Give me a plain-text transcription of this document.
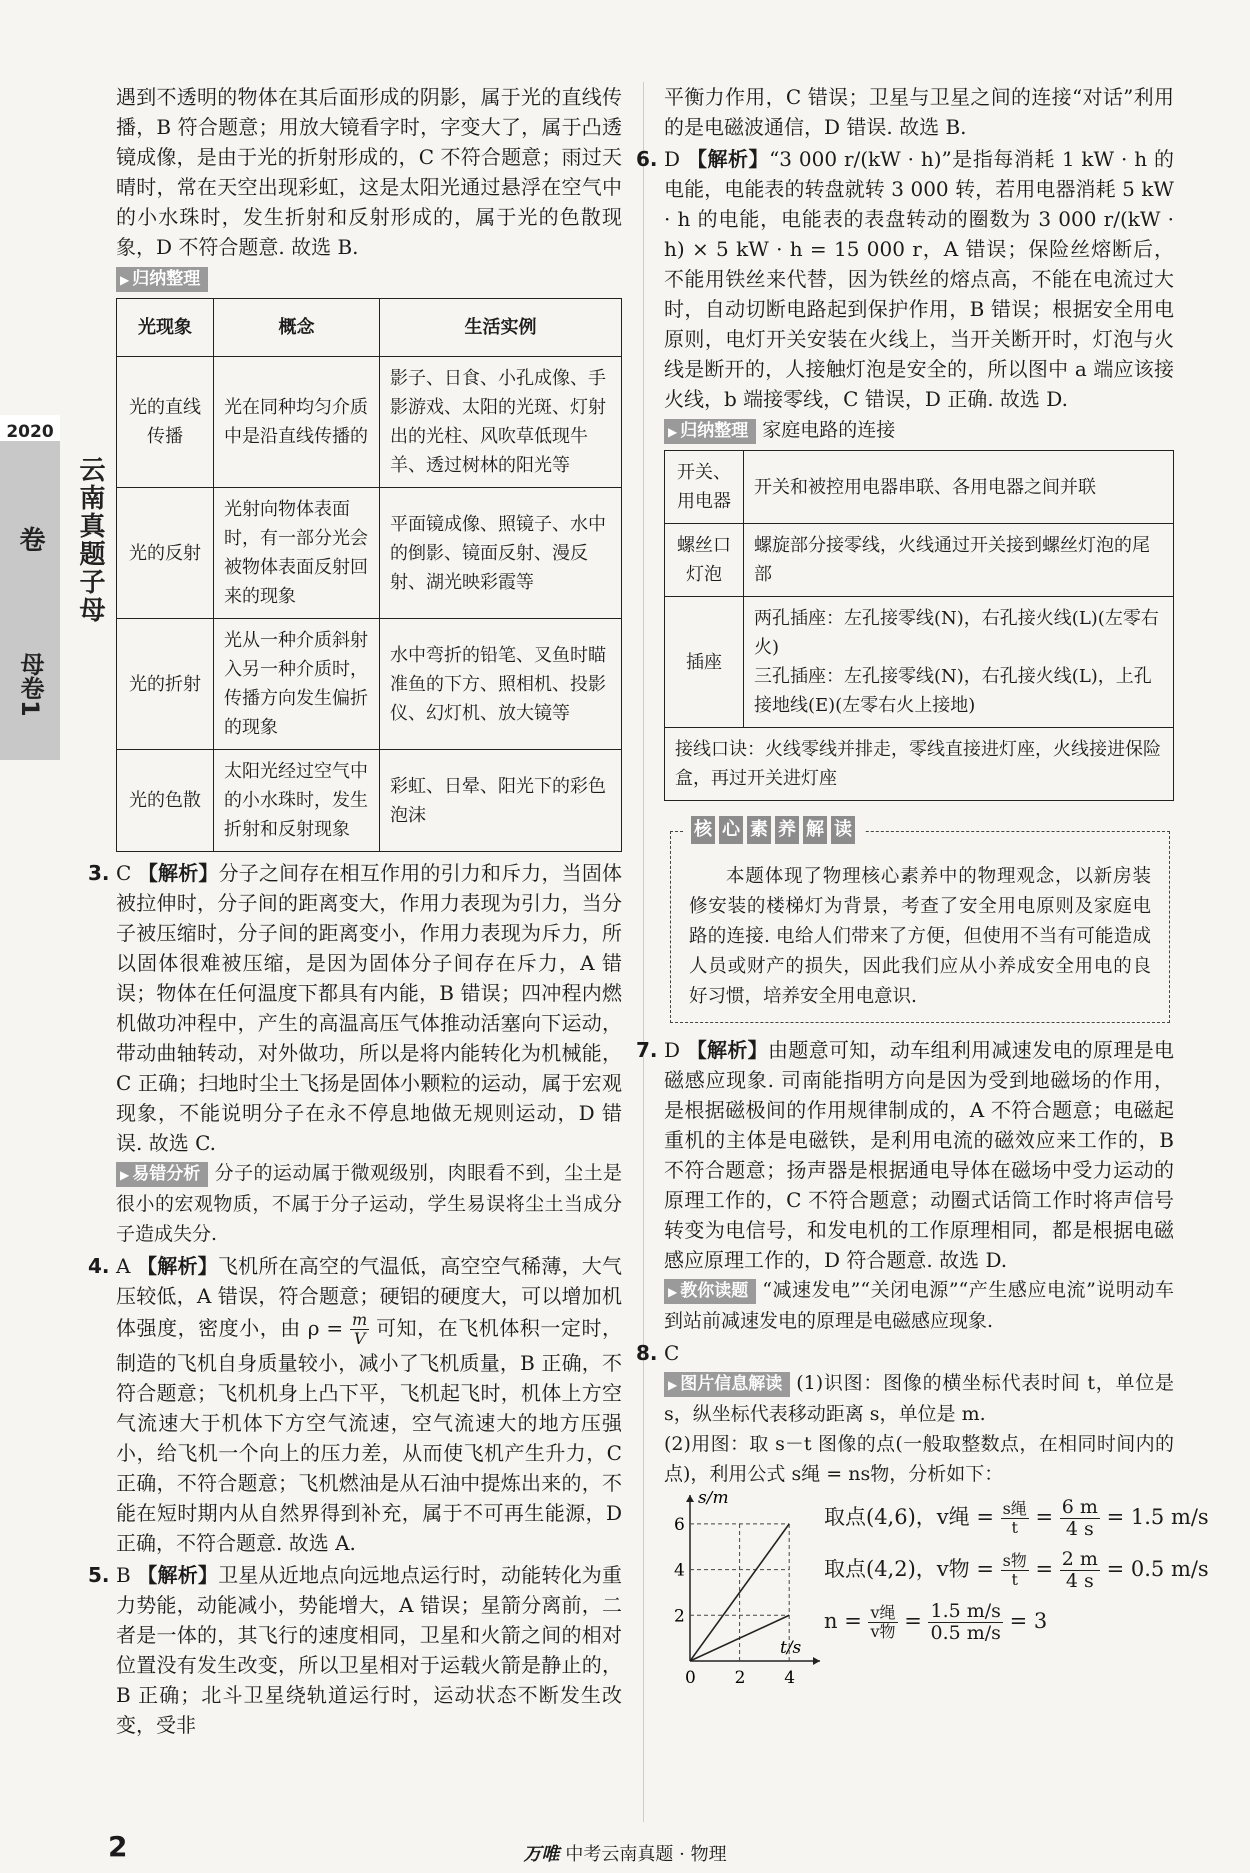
2020
云南真题子母卷
母卷1

遇到不透明的物体在其后面形成的阴影，属于光的直线传播，B 符合题意；用放大镜看字时，字变大了，属于凸透镜成像，是由于光的折射形成的，C 不符合题意；雨过天晴时，常在天空出现彩虹，这是太阳光通过悬浮在空气中的小水珠时，发生折射和反射形成的，属于光的色散现象，D 不符合题意. 故选 B.

▶ 归纳整理
光现象	概念	生活实例
光的直线传播	光在同种均匀介质中是沿直线传播的	影子、日食、小孔成像、手影游戏、太阳的光斑、灯射出的光柱、风吹草低现牛羊、透过树林的阳光等
光的反射	光射向物体表面时，有一部分光会被物体表面反射回来的现象	平面镜成像、照镜子、水中的倒影、镜面反射、漫反射、湖光映彩霞等
光的折射	光从一种介质斜射入另一种介质时，传播方向发生偏折的现象	水中弯折的铅笔、叉鱼时瞄准鱼的下方、照相机、投影仪、幻灯机、放大镜等
光的色散	太阳光经过空气中的小水珠时，发生折射和反射现象	彩虹、日晕、阳光下的彩色泡沫

3. C 【解析】分子之间存在相互作用的引力和斥力，当固体被拉伸时，分子间的距离变大，作用力表现为引力，当分子被压缩时，分子间的距离变小，作用力表现为斥力，所以固体很难被压缩，是因为固体分子间存在斥力，A 错误；物体在任何温度下都具有内能，B 错误；四冲程内燃机做功冲程中，产生的高温高压气体推动活塞向下运动，带动曲轴转动，对外做功，所以是将内能转化为机械能，C 正确；扫地时尘土飞扬是固体小颗粒的运动，属于宏观现象，不能说明分子在永不停息地做无规则运动，D 错误. 故选 C.

▶ 易错分析 分子的运动属于微观级别，肉眼看不到，尘土是很小的宏观物质，不属于分子运动，学生易误将尘土当成分子造成失分.

4. A 【解析】飞机所在高空的气温低，高空空气稀薄，大气压较低，A 错误，符合题意；硬铝的硬度大，可以增加机体强度，密度小，由 $\rho = \frac{m}{V}$ 可知，在飞机体积一定时，制造的飞机自身质量较小，减小了飞机质量，B 正确，不符合题意；飞机机身上凸下平，飞机起飞时，机体上方空气流速大于机体下方空气流速，空气流速大的地方压强小，给飞机一个向上的压力差，从而使飞机产生升力，C 正确，不符合题意；飞机燃油是从石油中提炼出来的，不能在短时期内从自然界得到补充，属于不可再生能源，D 正确，不符合题意. 故选 A.

5. B 【解析】卫星从近地点向远地点运行时，动能转化为重力势能，动能减小，势能增大，A 错误；星箭分离前，二者是一体的，其飞行的速度相同，卫星和火箭之间的相对位置没有发生改变，所以卫星相对于运载火箭是静止的，B 正确；北斗卫星绕轨道运行时，运动状态不断发生改变，受非

平衡力作用，C 错误；卫星与卫星之间的连接“对话”利用的是电磁波通信，D 错误. 故选 B.

6. D 【解析】“3 000 r/(kW · h)”是指每消耗 1 kW · h 的电能，电能表的转盘就转 3 000 转，若用电器消耗 5 kW · h 的电能，电能表的表盘转动的圈数为 3 000 r/(kW · h) × 5 kW · h = 15 000 r，A 错误；保险丝熔断后，不能用铁丝来代替，因为铁丝的熔点高，不能在电流过大时，自动切断电路起到保护作用，B 错误；根据安全用电原则，电灯开关安装在火线上，当开关断开时，灯泡与火线是断开的，人接触灯泡是安全的，所以图中 a 端应该接火线，b 端接零线，C 错误，D 正确. 故选 D.

▶ 归纳整理 家庭电路的连接
开关、用电器	开关和被控用电器串联、各用电器之间并联
螺丝口灯泡	螺旋部分接零线，火线通过开关接到螺丝灯泡的尾部
插座	两孔插座：左孔接零线(N)，右孔接火线(L)(左零右火)
三孔插座：左孔接零线(N)，右孔接火线(L)，上孔接地线(E)(左零右火上接地)

接线口诀：火线零线并排走，零线直接进灯座，火线接进保险盒，再过开关进灯座	
核 心 素 养 解 读

本题体现了物理核心素养中的物理观念，以新房装修安装的楼梯灯为背景，考查了安全用电原则及家庭电路的连接. 电给人们带来了方便，但使用不当有可能造成人员或财产的损失，因此我们应从小养成安全用电的良好习惯，培养安全用电意识.

7. D 【解析】由题意可知，动车组利用减速发电的原理是电磁感应现象. 司南能指明方向是因为受到地磁场的作用，是根据磁极间的作用规律制成的，A 不符合题意；电磁起重机的主体是电磁铁，是利用电流的磁效应来工作的，B 不符合题意；扬声器是根据通电导体在磁场中受力运动的原理工作的，C 不符合题意；动圈式话筒工作时将声信号转变为电信号，和发电机的工作原理相同，都是根据电磁感应原理工作的，D 符合题意. 故选 D.

▶ 教你读题 “减速发电”“关闭电源”“产生感应电流”说明动车到站前减速发电的原理是电磁感应现象.

8. C

▶ 图片信息解读 (1)识图：图像的横坐标代表时间 t，单位是 s，纵坐标代表移动距离 s，单位是 m.

(2)用图：取 s－t 图像的点(一般取整数点，在相同时间内的点)，利用公式 s绳 = ns物，分析如下：

s/m
t/s
2
4
6
0 2 4
取点(4,6)，v绳 = $\frac{\text{s绳}}{t} = \frac{6 m}{4 s} = 1.5$ m/s
取点(4,2)，v物 = $\frac{\text{s物}}{t} = \frac{2 m}{4 s} = 0.5$ m/s
$n = \frac{\text{v绳}}{\text{v物}} = \frac{1.5 m/s}{0.5 m/s} = 3$
2	万唯 中考云南真题 · 物理
